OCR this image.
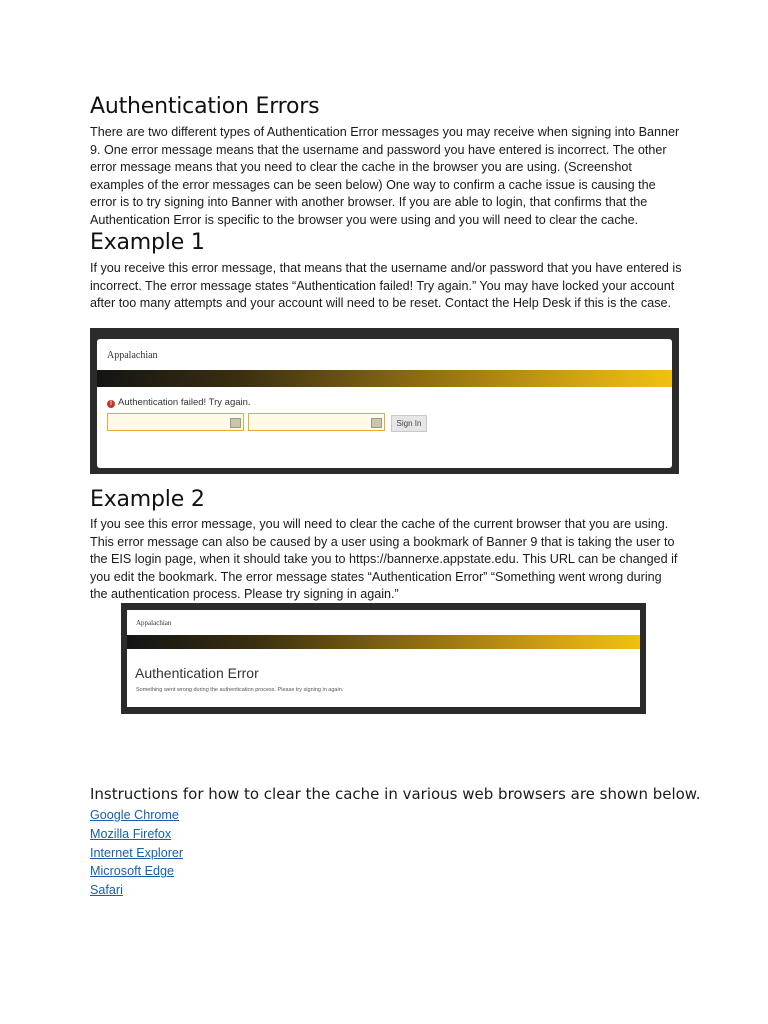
Authentication Errors

There are two different types of Authentication Error messages you may receive when signing into Banner 9. One error message means that the username and password you have entered is incorrect. The other error message means that you need to clear the cache in the browser you are using. (Screenshot examples of the error messages can be seen below) One way to confirm a cache issue is causing the error is to try signing into Banner with another browser. If you are able to login, that confirms that the Authentication Error is specific to the browser you were using and you will need to clear the cache.

Example 1

If you receive this error message, that means that the username and/or password that you have entered is incorrect. The error message states “Authentication failed! Try again.” You may have locked your account after too many attempts and your account will need to be reset. Contact the Help Desk if this is the case.

Appalachian
! Authentication failed! Try again.
Sign In
Example 2

If you see this error message, you will need to clear the cache of the current browser that you are using. This error message can also be caused by a user using a bookmark of Banner 9 that is taking the user to the EIS login page, when it should take you to https://bannerxe.appstate.edu. This URL can be changed if you edit the bookmark. The error message states “Authentication Error” “Something went wrong during the authentication process. Please try signing in again.”

Appalachian
Authentication Error
Something went wrong during the authentication process. Please try signing in again.

Instructions for how to clear the cache in various web browsers are shown below.

Google Chrome
Mozilla Firefox
Internet Explorer
Microsoft Edge
Safari
